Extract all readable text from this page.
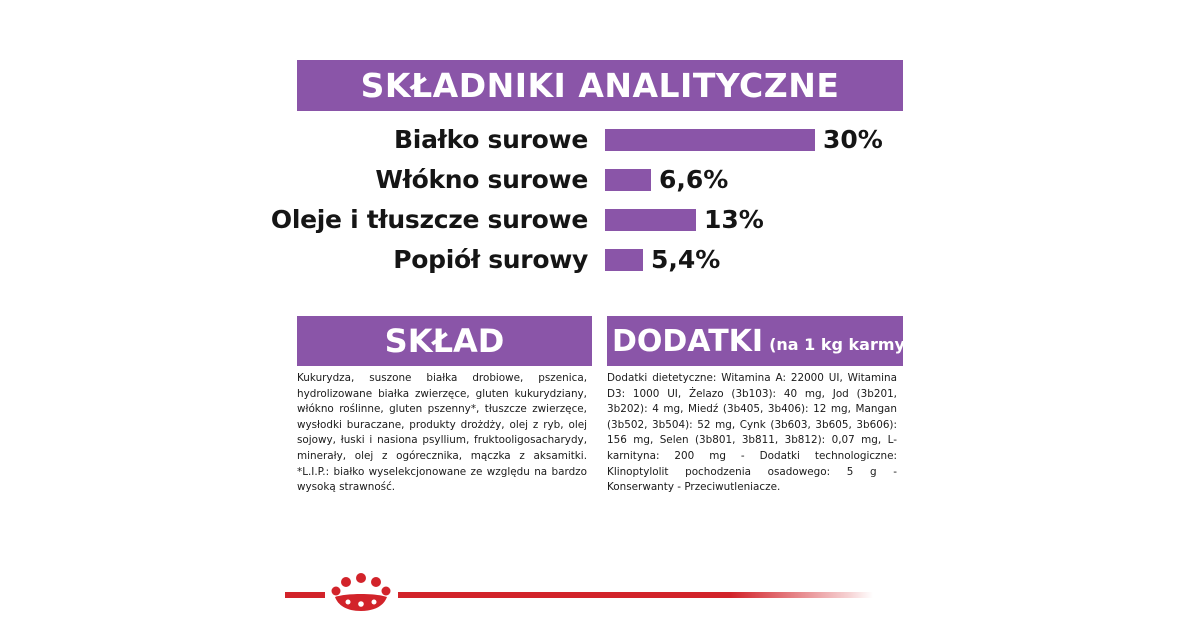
SKŁADNIKI ANALITYCZNE
Białko surowe	30%
Włókno surowe	6,6%
Oleje i tłuszcze surowe	13%
Popiół surowy	5,4%
SKŁAD
Kukurydza, suszone białka drobiowe, pszenica, hydrolizowane białka zwierzęce, gluten kukurydziany, włókno roślinne, gluten pszenny*, tłuszcze zwierzęce, wysłodki buraczane, produkty drożdży, olej z ryb, olej sojowy, łuski i nasiona psyllium, fruktooligosacharydy, minerały, olej z ogórecznika, mączka z aksamitki. *L.I.P.: białko wyselekcjonowane ze względu na bardzo wysoką strawność.
DODATKI (na 1 kg karmy)
Dodatki dietetyczne: Witamina A: 22000 UI, Witamina D3: 1000 UI, Żelazo (3b103): 40 mg, Jod (3b201, 3b202): 4 mg, Miedź (3b405, 3b406): 12 mg, Mangan (3b502, 3b504): 52 mg, Cynk (3b603, 3b605, 3b606): 156 mg, Selen (3b801, 3b811, 3b812): 0,07 mg, L-karnityna: 200 mg - Dodatki technologiczne: Klinoptylolit pochodzenia osadowego: 5 g - Konserwanty - Przeciwutleniacze.
